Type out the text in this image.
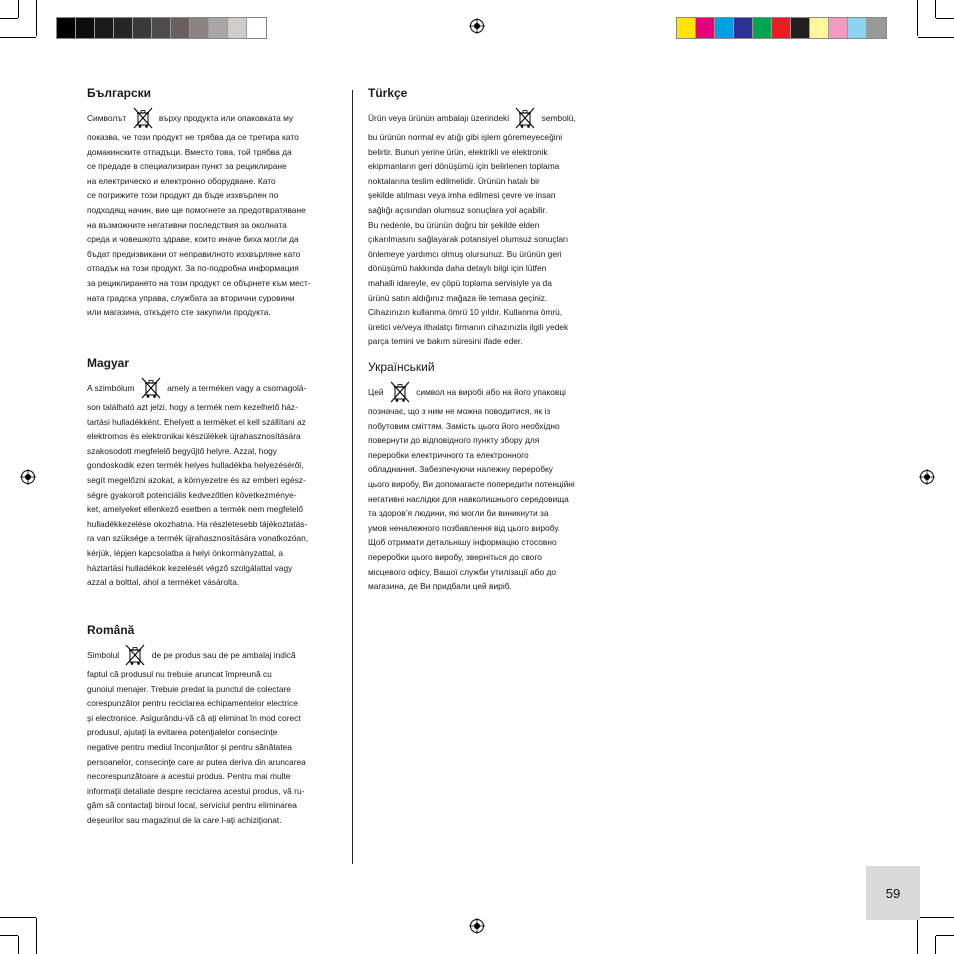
Български
Символът	върху продукта или опаковката му
показва, че този продукт не трябва да се третира като
домакинските отпадъци. Вместо това, той трябва да
се предаде в специализиран пункт за рециклиране
на електрическо и електронно оборудване. Като
се погрижите този продукт да бъде изхвърлен по
подходящ начин, вие ще помогнете за предотвратяване
на възможните негативни последствия за околната
среда и човешкото здраве, които иначе биха могли да
бъдат предизвикани от неправилното изхвърляне като
отпадък на този продукт. За по-подробна информация
за рециклирането на този продукт се обърнете към мест-
ната градска управа, службата за вторични суровини
или магазина, откъдето сте закупили продукта.
Magyar
A szimbólum	amely a terméken vagy a csomagolá-
son található azt jelzi, hogy a termék nem kezelhető ház-
tartási hulladékként. Ehelyett a terméket el kell szállítani az
elektromos és elektronikai készülékek újrahasznosítására
szakosodott megfelelő begyűjtő helyre. Azzal, hogy
gondoskodik ezen termék helyes hulladékba helyezéséről,
segít megelőzni azokat, a környezetre és az emberi egész-
ségre gyakorolt potenciális kedvezőtlen következménye-
ket, amelyeket ellenkező esetben a termék nem megfelelő
hulladékkezelése okozhatna. Ha részletesebb tájékoztatás-
ra van szüksége a termék újrahasznosítására vonatkozóan,
kérjük, lépjen kapcsolatba a helyi önkormányzattal, a
háztartási hulladékok kezelését végző szolgálattal vagy
azzal a bolttal, ahol a terméket vásárolta.
Română
Simbolul	de pe produs sau de pe ambalaj indică
faptul că produsul nu trebuie aruncat împreună cu
gunoiul menajer. Trebuie predat la punctul de colectare
corespunzător pentru reciclarea echipamentelor electrice
şi electronice. Asigurându-vă că aţi eliminat în mod corect
produsul, ajutaţi la evitarea potenţialelor consecinţe
negative pentru mediul înconjurător şi pentru sănătatea
persoanelor, consecinţe care ar putea deriva din aruncarea
necorespunzătoare a acestui produs. Pentru mai multe
informaţii detaliate despre reciclarea acestui produs, vă ru-
găm să contactaţi biroul local, serviciul pentru eliminarea
deşeurilor sau magazinul de la care l-aţi achiziţionat.
Türkçe
Ürün veya ürünün ambalajı üzerindeki	sembolü,
bu ürünün normal ev atığı gibi işlem göremeyeceğini
belirtir. Bunun yerine ürün, elektrikli ve elektronik
ekipmanların geri dönüşümü için belirlenen toplama
noktalarına teslim edilmelidir. Ürünün hatalı bir
şekilde atılması veya imha edilmesi çevre ve insan
sağlığı açısından olumsuz sonuçlara yol açabilir.
Bu nedenle, bu ürünün doğru bir şekilde elden
çıkarılmasını sağlayarak potansiyel olumsuz sonuçları
önlemeye yardımcı olmuş olursunuz. Bu ürünün geri
dönüşümü hakkında daha detaylı bilgi için lütfen
mahalli idareyle, ev çöpü toplama servisiyle ya da
ürünü satın aldığınız mağaza ile temasa geçiniz.
Cihazınızın kullanma ömrü 10 yıldır. Kullanma ömrü,
üretici ve/veya ithalatçı firmanın cihazınızla ilgili yedek
parça temini ve bakım süresini ifade eder.
Український
Цей	символ на виробі або на його упаковці
позначає, що з ним не можна поводитися, як із
побутовим сміттям. Замість цього його необхідно
повернути до відповідного пункту збору для
переробки електричного та електронного
обладнання. Забезпечуючи належну переробку
цього виробу, Ви допомагаєте попередити потенційні
негативні наслідки для навколишнього середовища
та здоров’я людини, які могли би виникнути за
умов неналежного позбавлення від цього виробу.
Щоб отримати детальнішу інформацію стосовно
переробки цього виробу, зверніться до свого
місцевого офісу, Вашої служби утилізації або до
магазина, де Ви придбали цей виріб.
59
